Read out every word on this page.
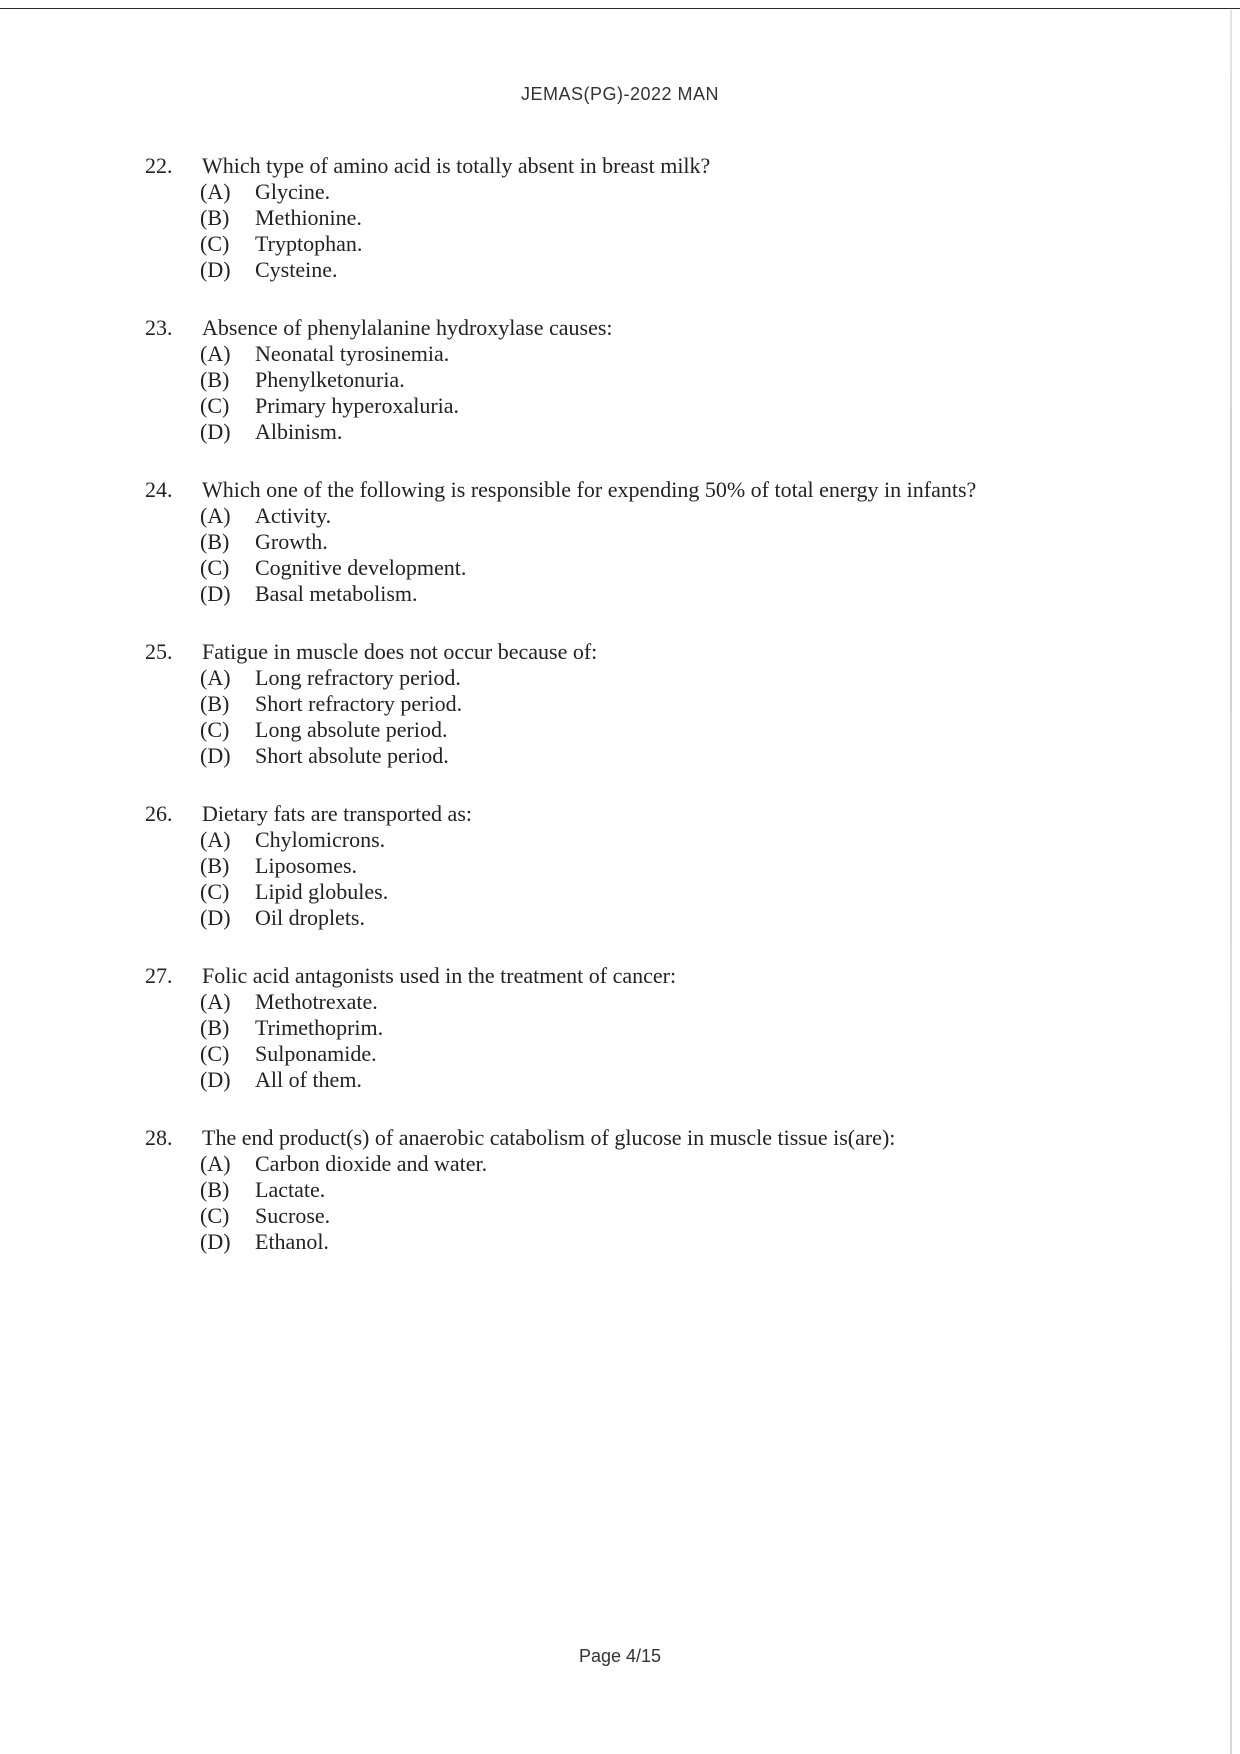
JEMAS(PG)-2022 MAN
22.	Which type of amino acid is totally absent in breast milk?
(A)	Glycine.
(B)	Methionine.
(C)	Tryptophan.
(D)	Cysteine.
23.	Absence of phenylalanine hydroxylase causes:
(A)	Neonatal tyrosinemia.
(B)	Phenylketonuria.
(C)	Primary hyperoxaluria.
(D)	Albinism.
24.	Which one of the following is responsible for expending 50% of total energy in infants?
(A)	Activity.
(B)	Growth.
(C)	Cognitive development.
(D)	Basal metabolism.
25.	Fatigue in muscle does not occur because of:
(A)	Long refractory period.
(B)	Short refractory period.
(C)	Long absolute period.
(D)	Short absolute period.
26.	Dietary fats are transported as:
(A)	Chylomicrons.
(B)	Liposomes.
(C)	Lipid globules.
(D)	Oil droplets.
27.	Folic acid antagonists used in the treatment of cancer:
(A)	Methotrexate.
(B)	Trimethoprim.
(C)	Sulponamide.
(D)	All of them.
28.	The end product(s) of anaerobic catabolism of glucose in muscle tissue is(are):
(A)	Carbon dioxide and water.
(B)	Lactate.
(C)	Sucrose.
(D)	Ethanol.
Page 4/15
